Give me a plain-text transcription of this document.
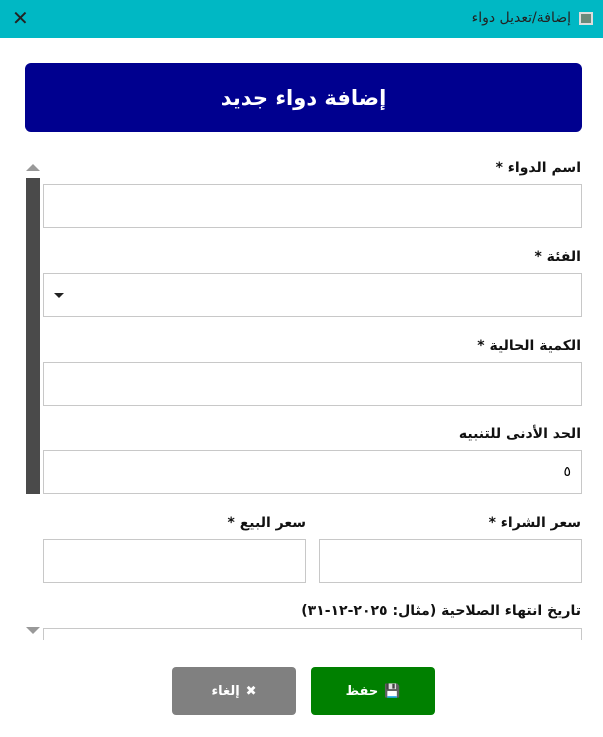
إضافة/تعديل دواء
✕
إضافة دواء جديد
اسم الدواء *
الفئة *
الكمية الحالية *
الحد الأدنى للتنبيه
٥
سعر الشراء *
سعر البيع *
تاريخ انتهاء الصلاحية (مثال: ٢٠٢٥-١٢-٣١)
💾
حفظ
✖
إلغاء
